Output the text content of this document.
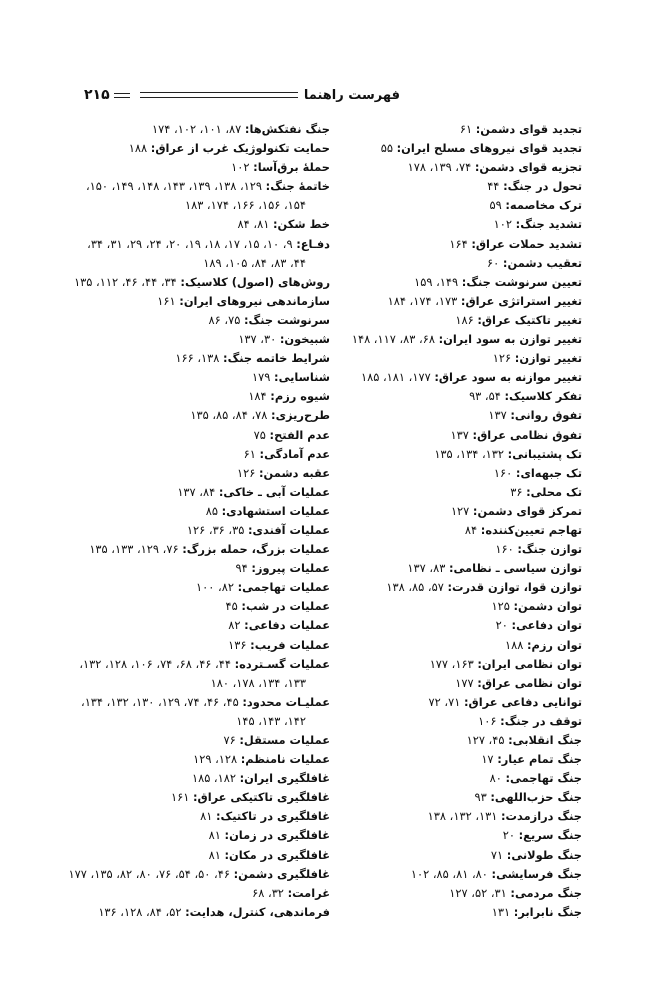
فهرست راهنما
۲۱۵
تجدید قوای دشمن: ۶۱
تجدید قوای نیروهای مسلح ایران: ۵۵
تجزیه قوای دشمن: ۷۴، ۱۳۹، ۱۷۸
تحول در جنگ: ۴۴
ترک مخاصمه: ۵۹
تشدید جنگ: ۱۰۲
تشدید حملات عراق: ۱۶۴
تعقیب دشمن: ۶۰
تعیین سرنوشت جنگ: ۱۴۹، ۱۵۹
تغییر استراتژی عراق: ۱۷۳، ۱۷۴، ۱۸۴
تغییر تاکتیک عراق: ۱۸۶
تغییر توازن به سود ایران: ۶۸، ۸۳، ۱۱۷، ۱۴۸
تغییر توازن: ۱۲۶
تغییر موازنه به سود عراق: ۱۷۷، ۱۸۱، ۱۸۵
تفکر کلاسیک: ۵۴، ۹۳
تفوق روانی: ۱۳۷
تفوق نظامی عراق: ۱۳۷
تک پشتیبانی: ۱۳۲، ۱۳۴، ۱۳۵
تک جبهه‌ای: ۱۶۰
تک محلی: ۳۶
تمرکز قوای دشمن: ۱۲۷
تهاجم تعیین‌کننده: ۸۴
توازن جنگ: ۱۶۰
توازن سیاسی ـ نظامی: ۸۳، ۱۳۷
توازن قوا، توازن قدرت: ۵۷، ۸۵، ۱۳۸
توان دشمن: ۱۲۵
توان دفاعی: ۲۰
توان رزم: ۱۸۸
توان نظامی ایران: ۱۶۳، ۱۷۷
توان نظامی عراق: ۱۷۷
توانایی دفاعی عراق: ۷۱، ۷۲
توقف در جنگ: ۱۰۶
جنگ انقلابی: ۴۵، ۱۲۷
جنگ تمام عیار: ۱۷
جنگ تهاجمی: ۸۰
جنگ حزب‌اللهی: ۹۳
جنگ درازمدت: ۱۳۱، ۱۳۲، ۱۳۸
جنگ سریع: ۲۰
جنگ طولانی: ۷۱
جنگ فرسایشی: ۸۰، ۸۱، ۸۵، ۱۰۲
جنگ مردمی: ۳۱، ۵۲، ۱۲۷
جنگ نابرابر: ۱۳۱
جنگ نفتکش‌ها: ۸۷، ۱۰۱، ۱۰۲، ۱۷۴
حمایت تکنولوژیک غرب از عراق: ۱۸۸
حملهٔ برق‌آسا: ۱۰۲
خاتمهٔ جنگ: ۱۲۹، ۱۳۸، ۱۳۹، ۱۴۳، ۱۴۸، ۱۴۹، ۱۵۰،
۱۵۴، ۱۵۶، ۱۶۶، ۱۷۴، ۱۸۳
خط شکن: ۸۱، ۸۴
دفـاع: ۹، ۱۰، ۱۵، ۱۷، ۱۸، ۱۹، ۲۰، ۲۴، ۲۹، ۳۱، ۳۴،
۴۴، ۸۳، ۸۴، ۱۰۵، ۱۸۹
روش‌های (اصول) کلاسیک: ۳۴، ۴۴، ۴۶، ۱۱۲، ۱۳۵
سازماندهی نیروهای ایران: ۱۶۱
سرنوشت جنگ: ۷۵، ۸۶
شبیخون: ۳۰، ۱۳۷
شرایط خاتمه جنگ: ۱۳۸، ۱۶۶
شناسایی: ۱۷۹
شیوه رزم: ۱۸۴
طرح‌ریزی: ۷۸، ۸۴، ۸۵، ۱۳۵
عدم الفتح: ۷۵
عدم آمادگی: ۶۱
عقبه دشمن: ۱۲۶
عملیات آبی ـ خاکی: ۸۴، ۱۳۷
عملیات استشهادی: ۸۵
عملیات آفندی: ۳۵، ۳۶، ۱۲۶
عملیات بزرگ، حمله بزرگ: ۷۶، ۱۲۹، ۱۳۳، ۱۳۵
عملیات پیروز: ۹۴
عملیات تهاجمی: ۸۲، ۱۰۰
عملیات در شب: ۴۵
عملیات دفاعی: ۸۲
عملیات فریب: ۱۳۶
عملیات گسـترده: ۴۴، ۴۶، ۶۸، ۷۴، ۱۰۶، ۱۲۸، ۱۳۲،
۱۳۳، ۱۳۴، ۱۷۸، ۱۸۰
عملیـات محدود: ۴۵، ۴۶، ۷۴، ۱۲۹، ۱۳۰، ۱۳۲، ۱۳۴،
۱۴۲، ۱۴۳، ۱۴۵
عملیات مستقل: ۷۶
عملیات نامنظم: ۱۲۸، ۱۲۹
غافلگیری ایران: ۱۸۲، ۱۸۵
غافلگیری تاکتیکی عراق: ۱۶۱
غافلگیری در تاکتیک: ۸۱
غافلگیری در زمان: ۸۱
غافلگیری در مکان: ۸۱
غافلگیری دشمن: ۴۶، ۵۰، ۵۴، ۷۶، ۸۰، ۸۲، ۱۳۵، ۱۷۷
غرامت: ۳۲، ۶۸
فرماندهی، کنترل، هدایت: ۵۲، ۸۴، ۱۲۸، ۱۳۶
